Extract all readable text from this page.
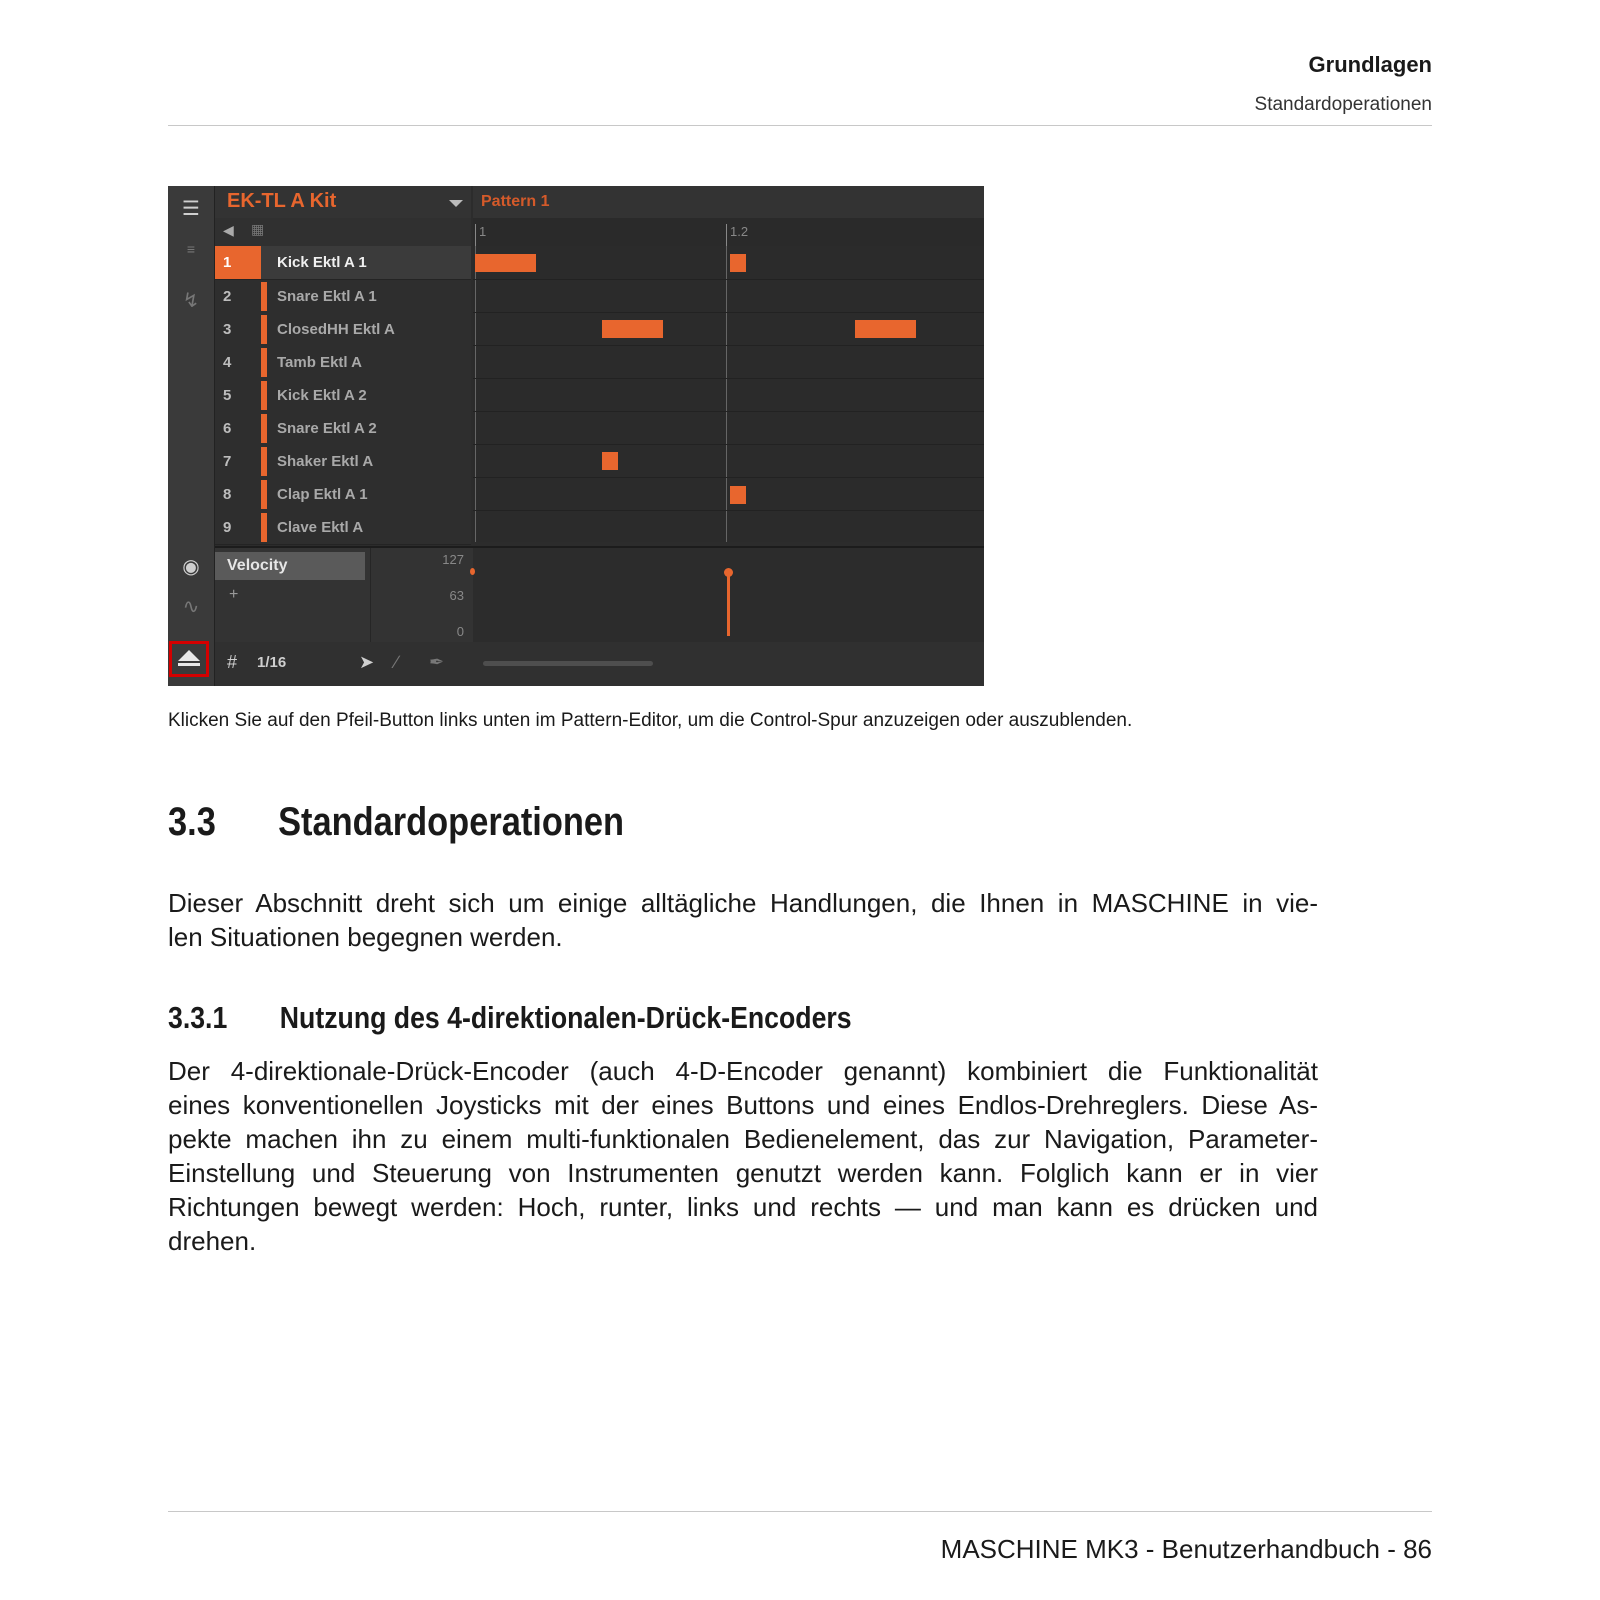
Grundlagen
Standardoperationen
☰
≡
↯
◉
∿
EK-TL A Kit
◀ ▦
Pattern 1
1	1.2
1	Kick Ektl A 1
2	Snare Ektl A 1
3	ClosedHH Ektl A
4	Tamb Ektl A
5	Kick Ektl A 2
6	Snare Ektl A 2
7	Shaker Ektl A
8	Clap Ektl A 1
9	Clave Ektl A
Velocity
+
127
63
0
# 1/16	➤ ∕ ✒
Klicken Sie auf den Pfeil-Button links unten im Pattern-Editor, um die Control-Spur anzuzeigen oder auszublenden.
3.3 Standardoperationen
Dieser Abschnitt dreht sich um einige alltägliche Handlungen, die Ihnen in MASCHINE in vie-
len Situationen begegnen werden.
3.3.1 Nutzung des 4-direktionalen-Drück-Encoders
Der 4-direktionale-Drück-Encoder (auch 4-D-Encoder genannt) kombiniert die Funktionalität
eines konventionellen Joysticks mit der eines Buttons und eines Endlos-Drehreglers. Diese As-
pekte machen ihn zu einem multi-funktionalen Bedienelement, das zur Navigation, Parameter-
Einstellung und Steuerung von Instrumenten genutzt werden kann. Folglich kann er in vier
Richtungen bewegt werden: Hoch, runter, links und rechts — und man kann es drücken und
drehen.
MASCHINE MK3 - Benutzerhandbuch - 86
